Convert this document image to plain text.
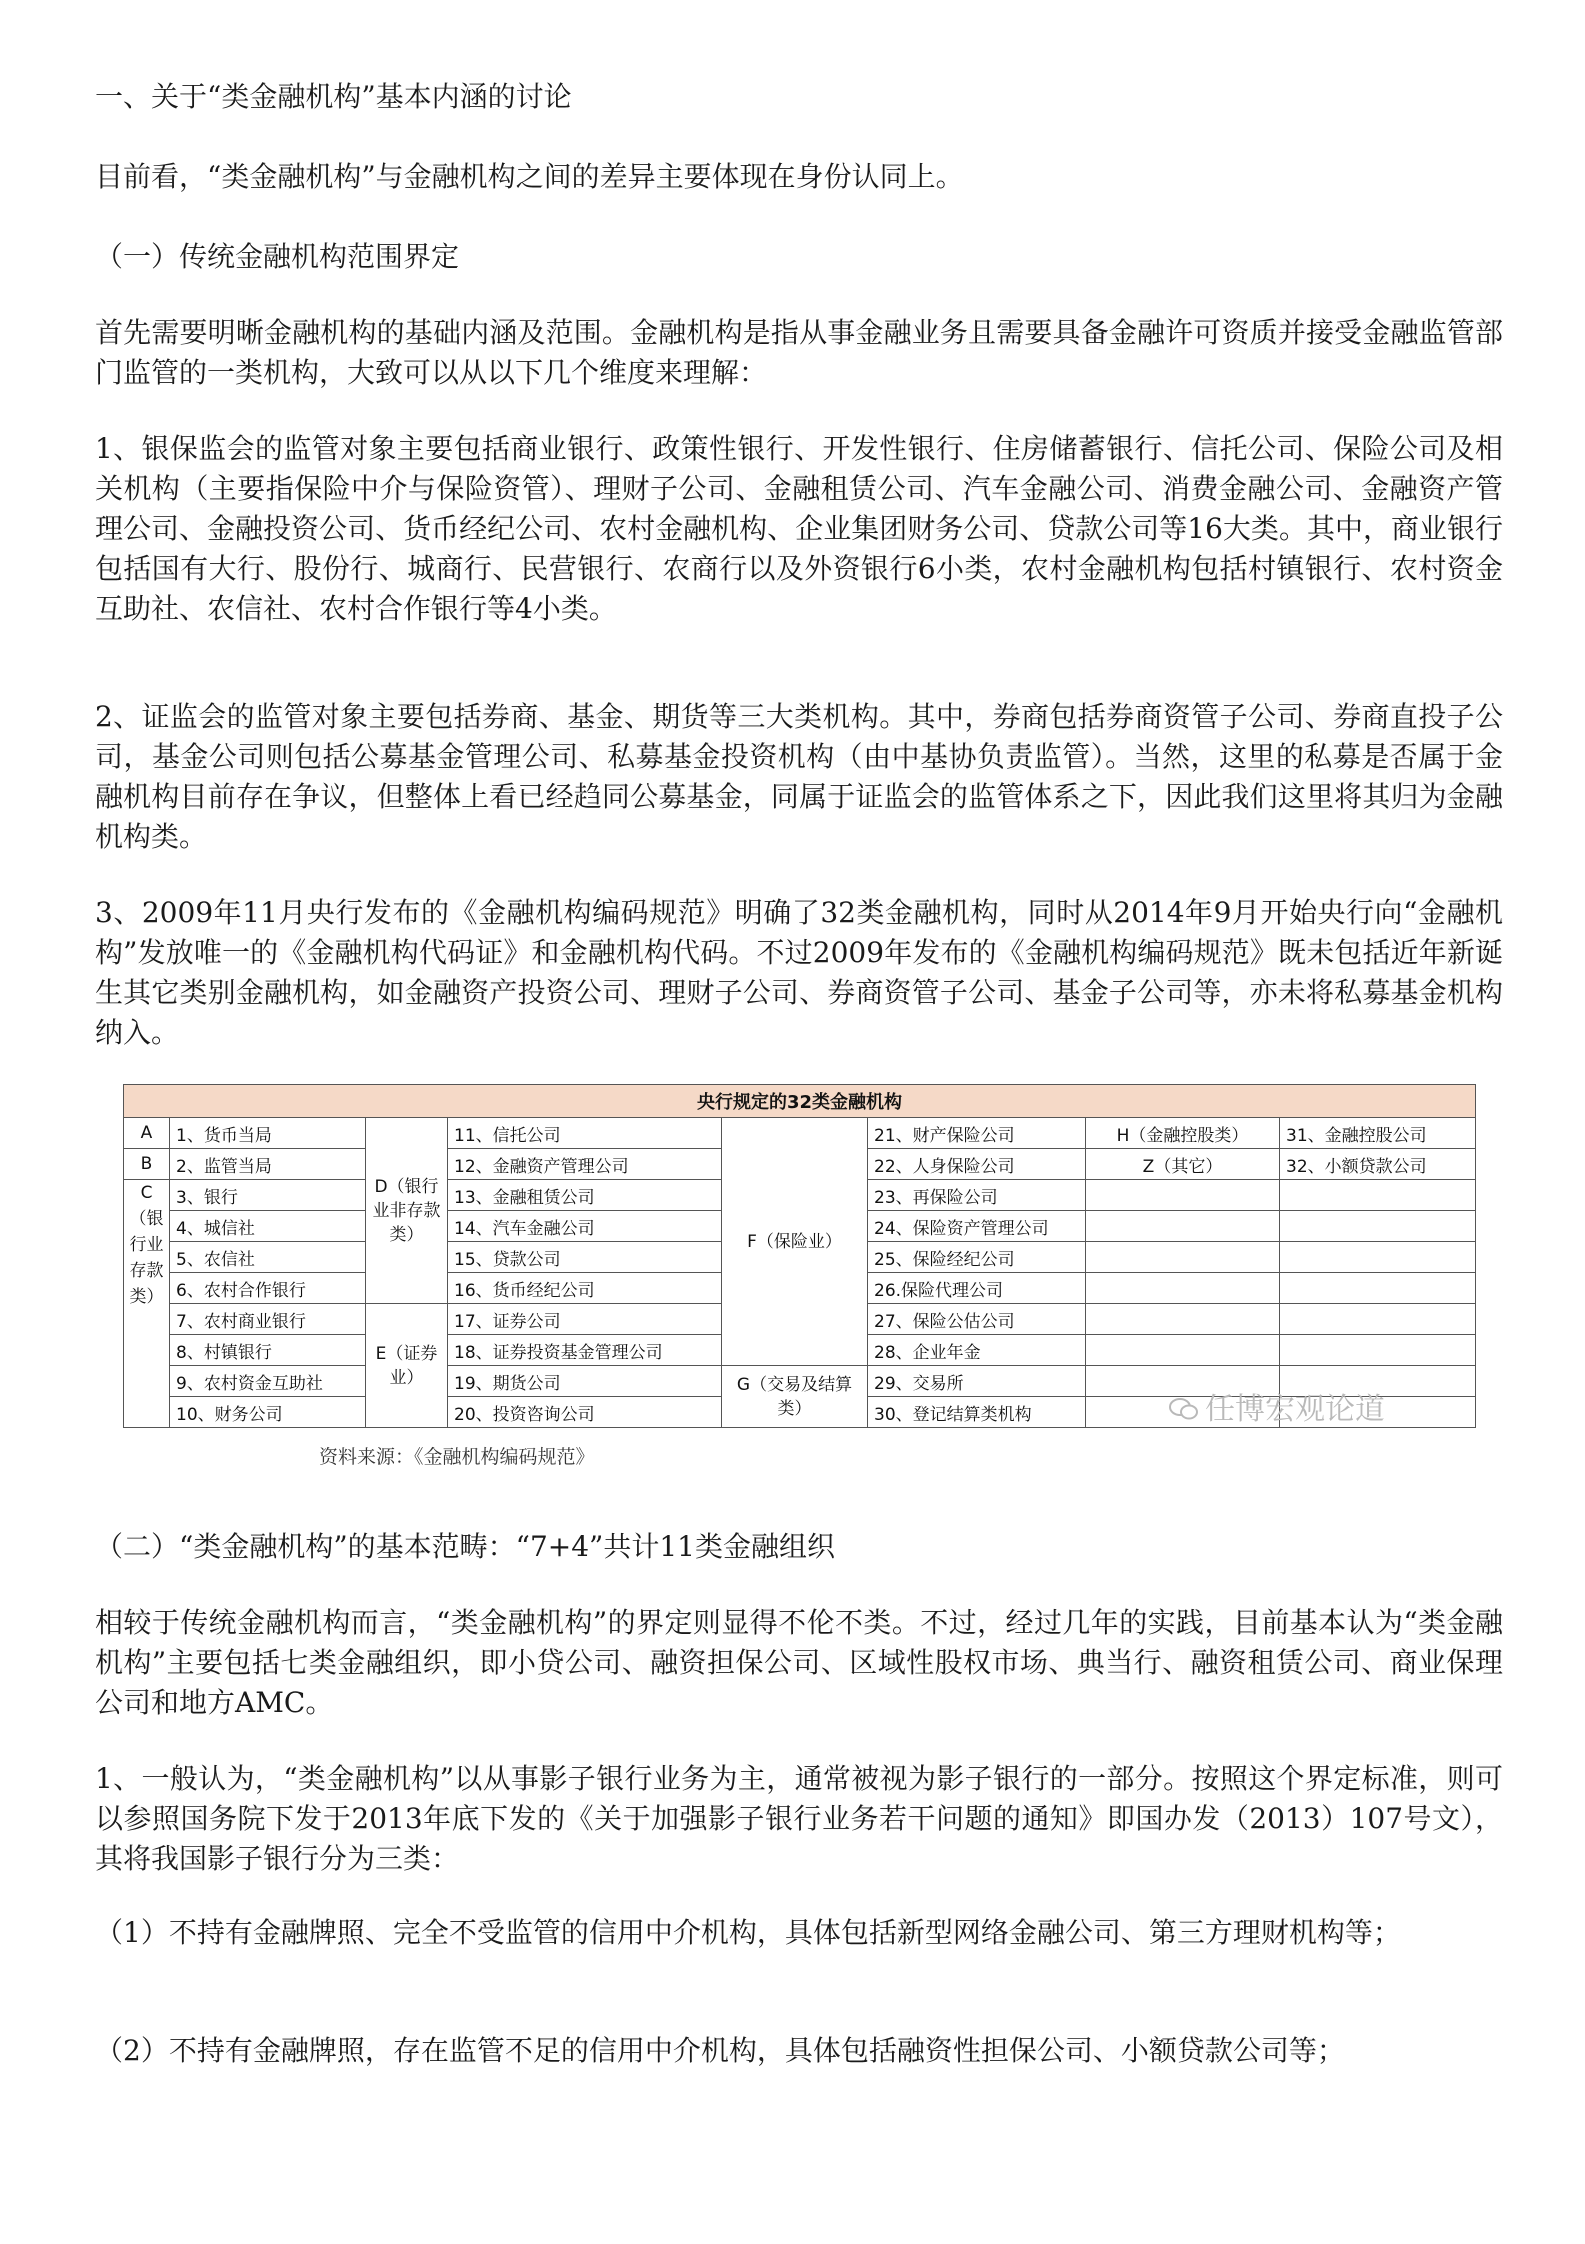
一、关于“类金融机构”基本内涵的讨论

目前看，“类金融机构”与金融机构之间的差异主要体现在身份认同上。

（一）传统金融机构范围界定

首先需要明晰金融机构的基础内涵及范围。金融机构是指从事金融业务且需要具备金融许可资质并接受金融监管部门监管的一类机构，大致可以从以下几个维度来理解：

1、银保监会的监管对象主要包括商业银行、政策性银行、开发性银行、住房储蓄银行、信托公司、保险公司及相关机构（主要指保险中介与保险资管）、理财子公司、金融租赁公司、汽车金融公司、消费金融公司、金融资产管理公司、金融投资公司、货币经纪公司、农村金融机构、企业集团财务公司、贷款公司等16大类。其中，商业银行包括国有大行、股份行、城商行、民营银行、农商行以及外资银行6小类，农村金融机构包括村镇银行、农村资金互助社、农信社、农村合作银行等4小类。

2、证监会的监管对象主要包括券商、基金、期货等三大类机构。其中，券商包括券商资管子公司、券商直投子公司，基金公司则包括公募基金管理公司、私募基金投资机构（由中基协负责监管）。当然，这里的私募是否属于金融机构目前存在争议，但整体上看已经趋同公募基金，同属于证监会的监管体系之下，因此我们这里将其归为金融机构类。

3、2009年11月央行发布的《金融机构编码规范》明确了32类金融机构，同时从2014年9月开始央行向“金融机构”发放唯一的《金融机构代码证》和金融机构代码。不过2009年发布的《金融机构编码规范》既未包括近年新诞生其它类别金融机构，如金融资产投资公司、理财子公司、券商资管子公司、基金子公司等，亦未将私募基金机构纳入。

央行规定的32类金融机构							
A	1、货币当局	D（银行业非存款类）	11、信托公司	F（保险业）	21、财产保险公司	H（金融控股类）	31、金融控股公司
B	2、监管当局		12、金融资产管理公司		22、人身保险公司	Z（其它）	32、小额贷款公司
C（银行业存款类）	3、银行		13、金融租赁公司		23、再保险公司		
	4、城信社		14、汽车金融公司		24、保险资产管理公司		
	5、农信社		15、贷款公司		25、保险经纪公司		
	6、农村合作银行		16、货币经纪公司		26.保险代理公司		
	7、农村商业银行	E（证券业）	17、证券公司		27、保险公估公司		
	8、村镇银行		18、证券投资基金管理公司		28、企业年金		
	9、农村资金互助社		19、期货公司	G（交易及结算类）	29、交易所		
	10、财务公司		20、投资咨询公司		30、登记结算类机构			任博宏观论道
资料来源：《金融机构编码规范》

（二）“类金融机构”的基本范畴：“7+4”共计11类金融组织

相较于传统金融机构而言，“类金融机构”的界定则显得不伦不类。不过，经过几年的实践，目前基本认为“类金融机构”主要包括七类金融组织，即小贷公司、融资担保公司、区域性股权市场、典当行、融资租赁公司、商业保理公司和地方AMC。

1、一般认为，“类金融机构”以从事影子银行业务为主，通常被视为影子银行的一部分。按照这个界定标准，则可以参照国务院下发于2013年底下发的《关于加强影子银行业务若干问题的通知》即国办发（2013）107号文），其将我国影子银行分为三类：

（1）不持有金融牌照、完全不受监管的信用中介机构，具体包括新型网络金融公司、第三方理财机构等；

（2）不持有金融牌照，存在监管不足的信用中介机构，具体包括融资性担保公司、小额贷款公司等；
